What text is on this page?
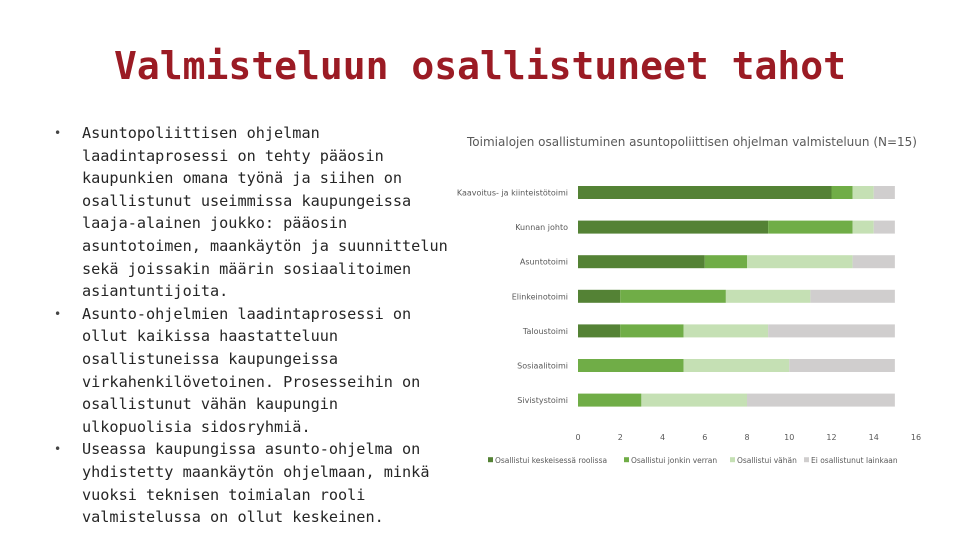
Valmisteluun osallistuneet tahot
• Asuntopoliittisen ohjelman laadintaprosessi on tehty pääosin kaupunkien omana työnä ja siihen on osallistunut useimmissa kaupungeissa laaja-alainen joukko: pääosin asuntotoimen, maankäytön ja suunnittelun sekä joissakin määrin sosiaalitoimen asiantuntijoita.
• Asunto-ohjelmien laadintaprosessi on ollut kaikissa haastatteluun osallistuneissa kaupungeissa virkahenkilövetoinen. Prosesseihin on osallistunut vähän kaupungin ulkopuolisia sidosryhmiä.
• Useassa kaupungissa asunto-ohjelma on yhdistetty maankäytön ohjelmaan, minkä vuoksi teknisen toimialan rooli valmistelussa on ollut keskeinen.
Toimialojen osallistuminen asuntopoliittisen ohjelman valmisteluun (N=15)
Kaavoitus- ja kiinteistötoimi
Kunnan johto
Asuntotoimi
Elinkeinotoimi
Taloustoimi
Sosiaalitoimi
Sivistystoimi
0	2	4	6	8	10	12	14	16
Osallistui keskeisessä roolissa	Osallistui jonkin verran	Osallistui vähän Ei osallistunut lainkaan
